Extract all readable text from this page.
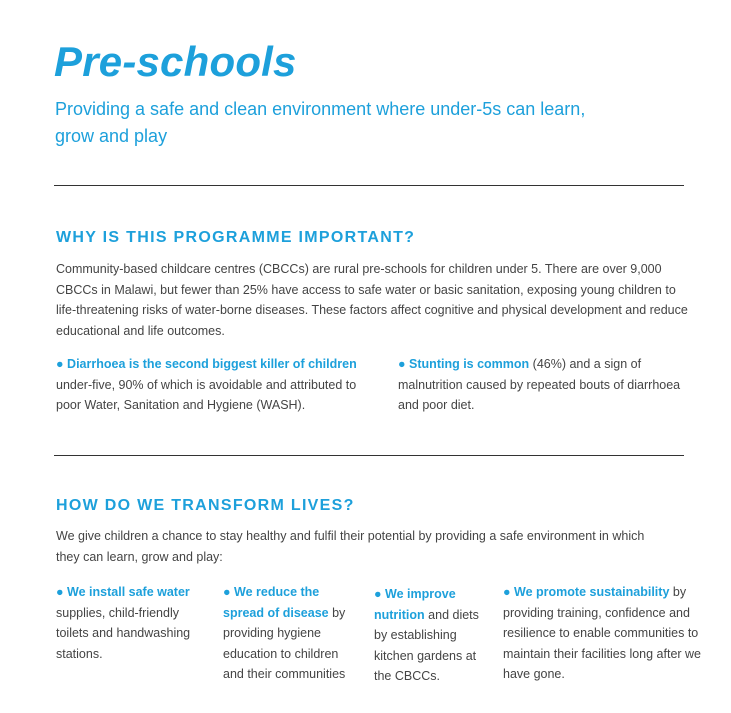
Pre-schools

Providing a safe and clean environment where under-5s can learn, grow and play

WHY IS THIS PROGRAMME IMPORTANT?

Community-based childcare centres (CBCCs) are rural pre-schools for children under 5. There are over 9,000 CBCCs in Malawi, but fewer than 25% have access to safe water or basic sanitation, exposing young children to life-threatening risks of water-borne diseases. These factors affect cognitive and physical development and reduce educational and life outcomes.

● Diarrhoea is the second biggest killer of children under-five, 90% of which is avoidable and attributed to poor Water, Sanitation and Hygiene (WASH).

● Stunting is common (46%) and a sign of malnutrition caused by repeated bouts of diarrhoea and poor diet.

HOW DO WE TRANSFORM LIVES?

We give children a chance to stay healthy and fulfil their potential by providing a safe environment in which they can learn, grow and play:

● We install safe water supplies, child-friendly toilets and handwashing stations.

● We reduce the spread of disease by providing hygiene education to children and their communities

● We improve nutrition and diets by establishing kitchen gardens at the CBCCs.

● We promote sustainability by providing training, confidence and resilience to enable communities to maintain their facilities long after we have gone.
